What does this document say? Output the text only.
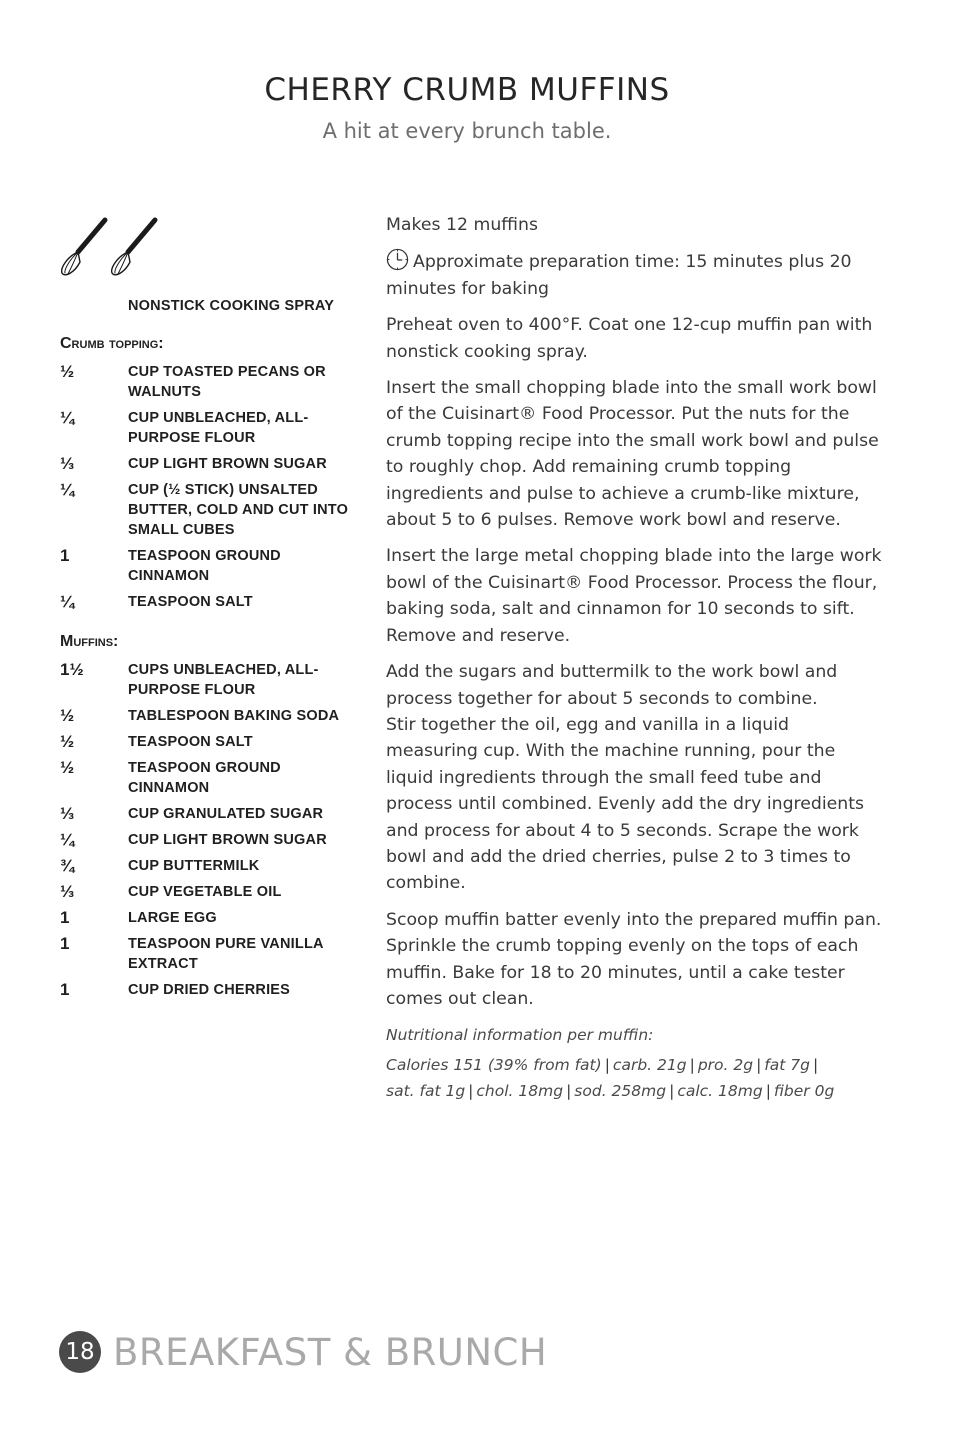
CHERRY CRUMB MUFFINS

A hit at every brunch table.

NONSTICK COOKING SPRAY
Crumb topping:
½	CUP TOASTED PECANS OR WALNUTS
¼	CUP UNBLEACHED, ALL-PURPOSE FLOUR
⅓	CUP LIGHT BROWN SUGAR
¼	CUP (½ STICK) UNSALTED BUTTER, COLD AND CUT INTO SMALL CUBES
1	TEASPOON GROUND CINNAMON
¼	TEASPOON SALT
Muffins:
1½	CUPS UNBLEACHED, ALL-PURPOSE FLOUR
½	TABLESPOON BAKING SODA
½	TEASPOON SALT
½	TEASPOON GROUND CINNAMON
⅓	CUP GRANULATED SUGAR
¼	CUP LIGHT BROWN SUGAR
¾	CUP BUTTERMILK
⅓	CUP VEGETABLE OIL
1	LARGE EGG
1	TEASPOON PURE VANILLA EXTRACT
1	CUP DRIED CHERRIES

Makes 12 muffins

Approximate preparation time: 15 minutes plus 20 minutes for baking

Preheat oven to 400°F. Coat one 12-cup muffin pan with nonstick cooking spray.

Insert the small chopping blade into the small work bowl of the Cuisinart® Food Processor. Put the nuts for the crumb topping recipe into the small work bowl and pulse to roughly chop. Add remaining crumb topping ingredients and pulse to achieve a crumb-like mixture, about 5 to 6 pulses. Remove work bowl and reserve.

Insert the large metal chopping blade into the large work bowl of the Cuisinart® Food Processor. Process the flour, baking soda, salt and cinnamon for 10 seconds to sift. Remove and reserve.

Add the sugars and buttermilk to the work bowl and process together for about 5 seconds to combine.
Stir together the oil, egg and vanilla in a liquid measuring cup. With the machine running, pour the liquid ingredients through the small feed tube and process until combined. Evenly add the dry ingredients and process for about 4 to 5 seconds. Scrape the work bowl and add the dried cherries, pulse 2 to 3 times to combine.

Scoop muffin batter evenly into the prepared muffin pan. Sprinkle the crumb topping evenly on the tops of each muffin. Bake for 18 to 20 minutes, until a cake tester comes out clean.

Nutritional information per muffin:

Calories 151 (39% from fat) | carb. 21g | pro. 2g | fat 7g |
sat. fat 1g | chol. 18mg | sod. 258mg | calc. 18mg | fiber 0g

18 BREAKFAST & BRUNCH
